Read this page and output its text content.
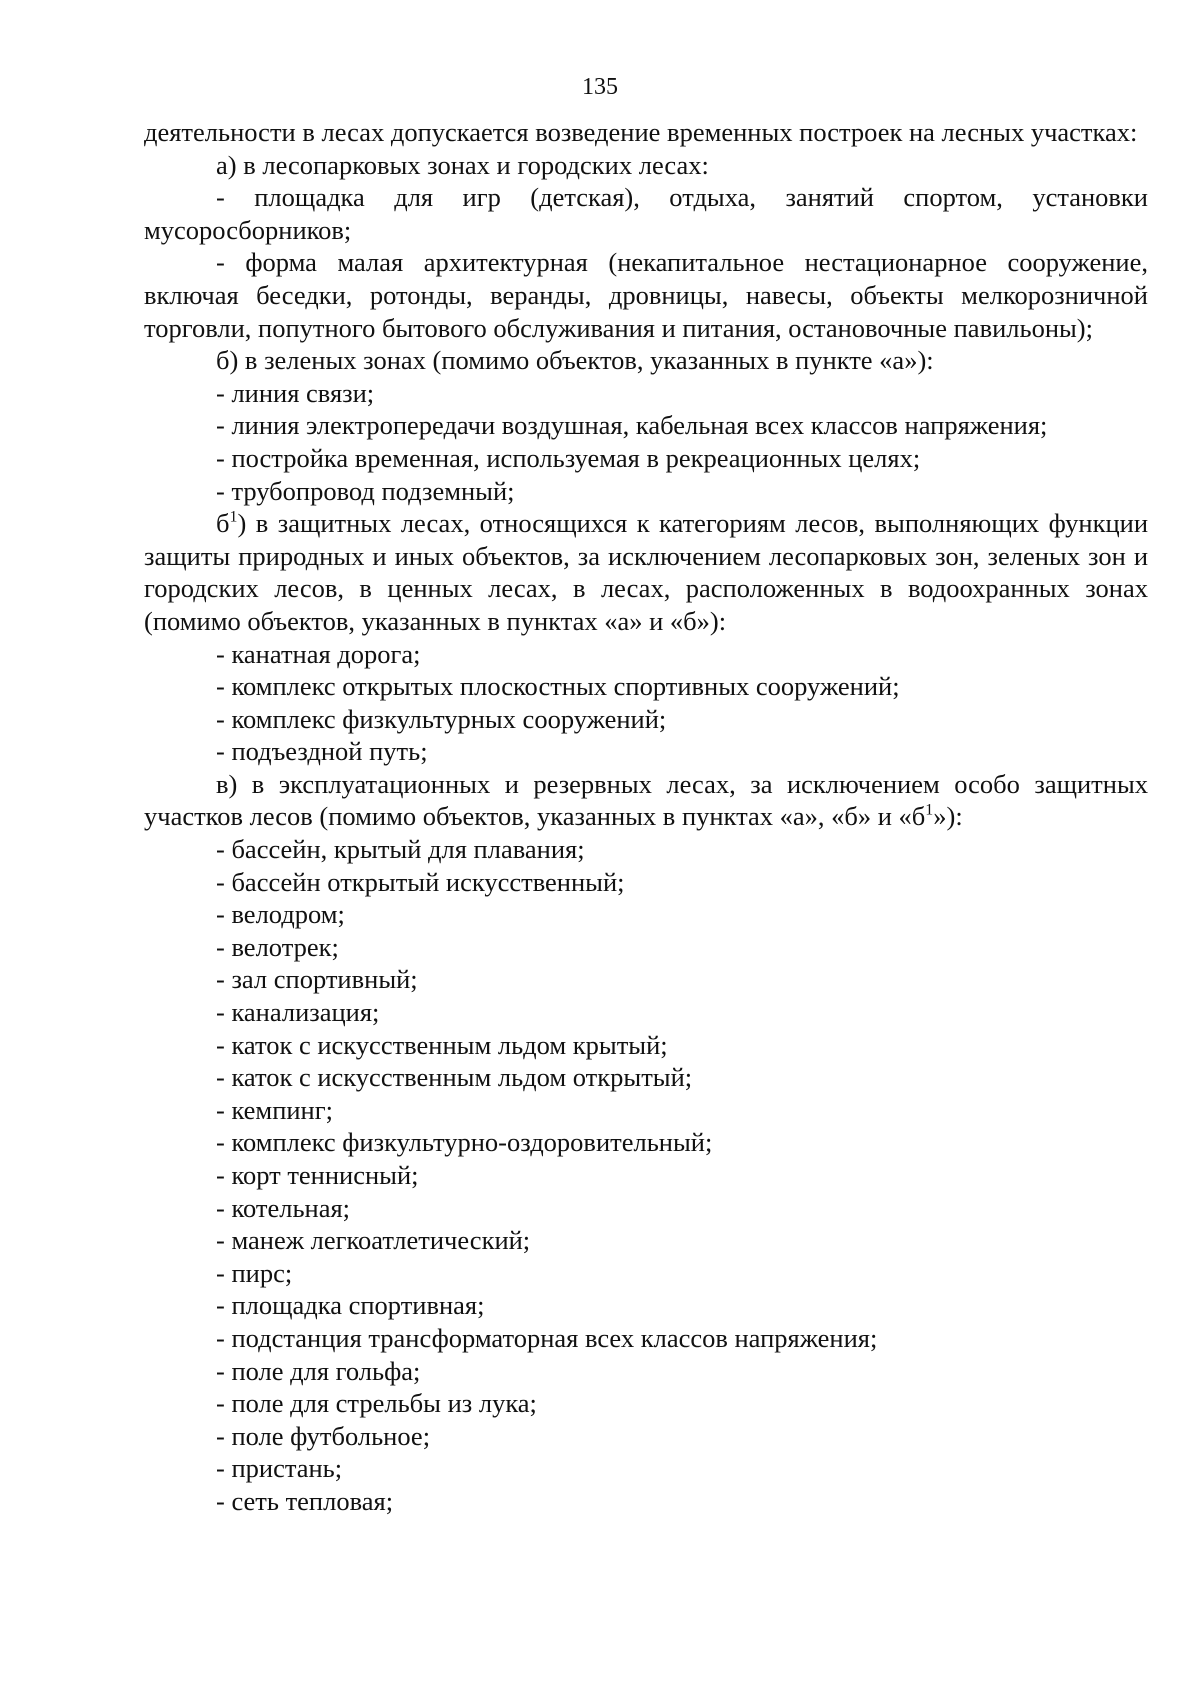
135

деятельности в лесах допускается возведение временных построек на лесных участках:

а) в лесопарковых зонах и городских лесах:

- площадка для игр (детская), отдыха, занятий спортом, установки мусоросборников;

- форма малая архитектурная (некапитальное нестационарное сооружение, включая беседки, ротонды, веранды, дровницы, навесы, объекты мелкорозничной торговли, попутного бытового обслуживания и питания, остановочные павильоны);

б) в зеленых зонах (помимо объектов, указанных в пункте «а»):

- линия связи;

- линия электропередачи воздушная, кабельная всех классов напряжения;

- постройка временная, используемая в рекреационных целях;

- трубопровод подземный;

$б^1$) в защитных лесах, относящихся к категориям лесов, выполняющих функции защиты природных и иных объектов, за исключением лесопарковых зон, зеленых зон и городских лесов, в ценных лесах, в лесах, расположенных в водоохранных зонах (помимо объектов, указанных в пунктах «а» и «б»):

- канатная дорога;

- комплекс открытых плоскостных спортивных сооружений;

- комплекс физкультурных сооружений;

- подъездной путь;

в) в эксплуатационных и резервных лесах, за исключением особо защитных участков лесов (помимо объектов, указанных в пунктах «а», «б» и «$б^1$»):

- бассейн, крытый для плавания;

- бассейн открытый искусственный;

- велодром;

- велотрек;

- зал спортивный;

- канализация;

- каток с искусственным льдом крытый;

- каток с искусственным льдом открытый;

- кемпинг;

- комплекс физкультурно-оздоровительный;

- корт теннисный;

- котельная;

- манеж легкоатлетический;

- пирс;

- площадка спортивная;

- подстанция трансформаторная всех классов напряжения;

- поле для гольфа;

- поле для стрельбы из лука;

- поле футбольное;

- пристань;

- сеть тепловая;
